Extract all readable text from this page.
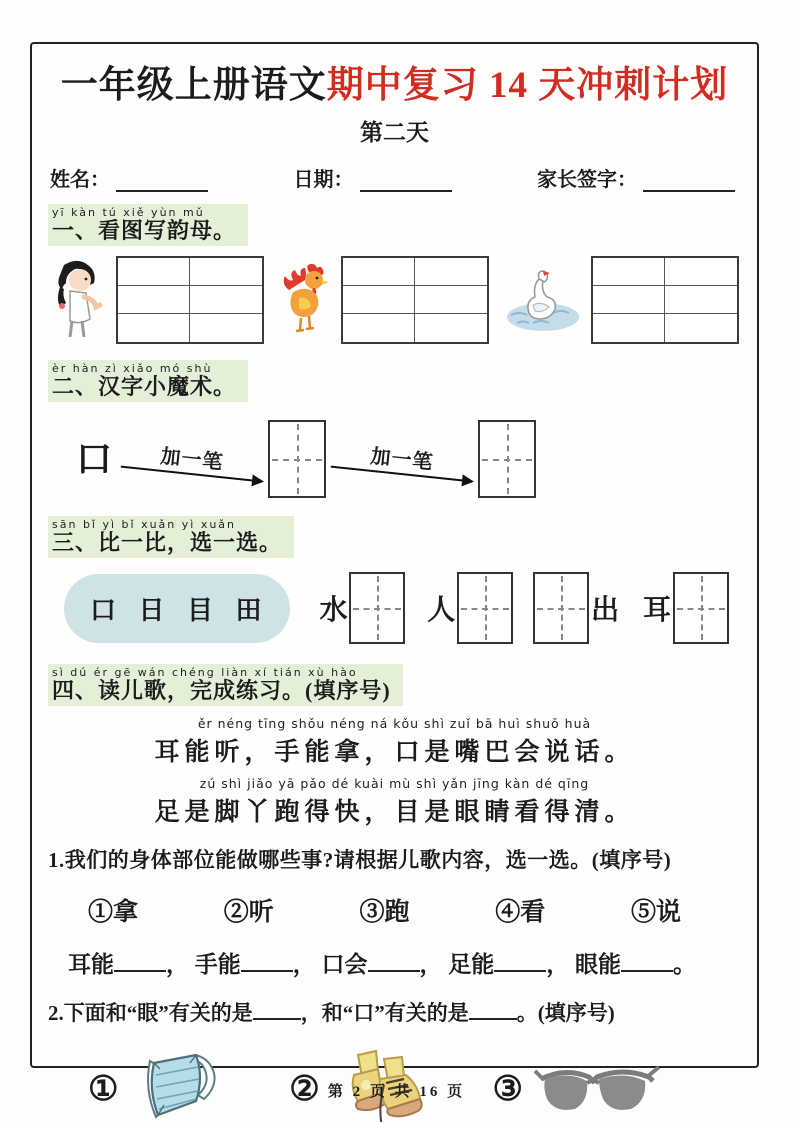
一年级上册语文期中复习 14 天冲刺计划
第二天
姓名：	日期：	家长签字：
yī kàn tú xiě yùn mǔ
一、看图写韵母。
èr hàn zì xiǎo mó shù
二、汉字小魔术。
口 加一笔	加一笔
sān bǐ yì bǐ xuǎn yì xuǎn
三、比一比，选一选。
口 日 目 田	水	人	出 耳
sì dú ér gē wán chéng liàn xí tián xù hào
四、读儿歌，完成练习。(填序号)
ěr néng tīng shǒu néng ná kǒu shì zuǐ bā huì shuō huà
耳能听，手能拿，口是嘴巴会说话。
zú shì jiǎo yā pǎo dé kuài mù shì yǎn jīng kàn dé qīng
足是脚丫跑得快，目是眼睛看得清。
1.我们的身体部位能做哪些事?请根据儿歌内容，选一选。(填序号)
①拿	②听	③跑	④看	⑤说
耳能 ， 手能 ， 口会 ， 足能 ， 眼能 。
2.下面和“眼”有关的是 ，和“口”有关的是 。(填序号)
①	②	③
第 2 页 共 16 页
